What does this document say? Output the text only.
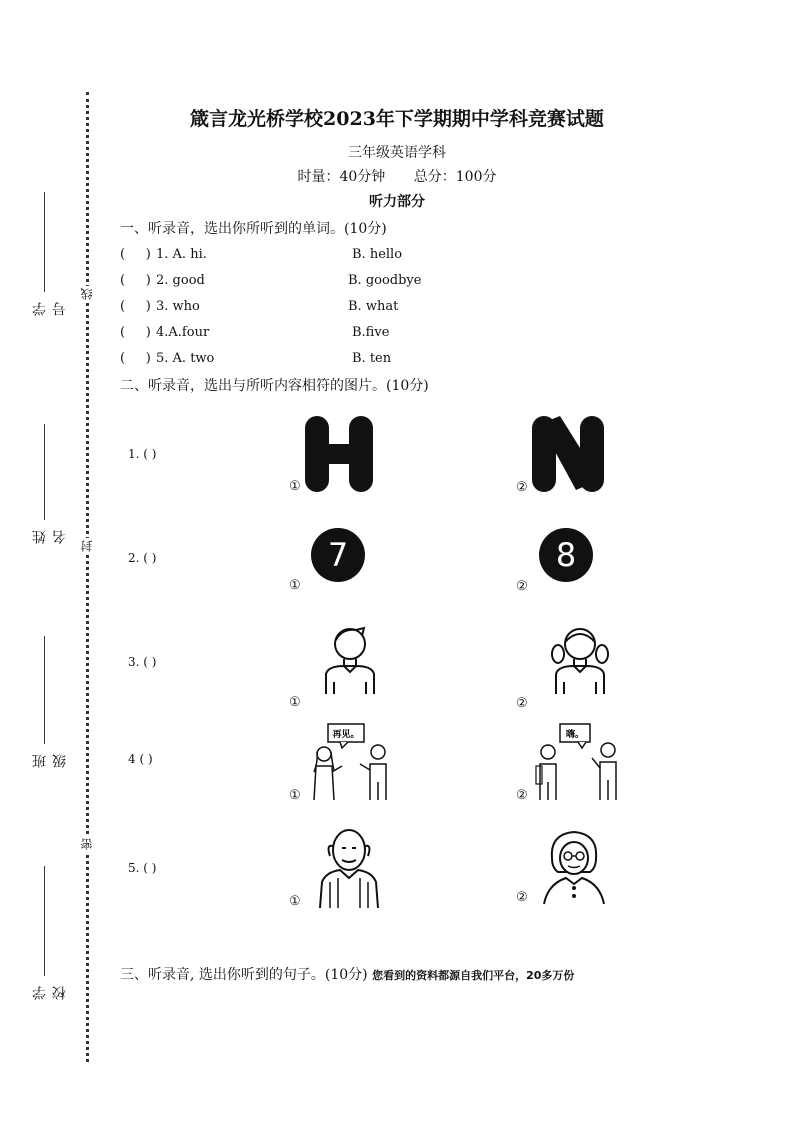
线
封
密
学号
姓名
班级
学校
箴言龙光桥学校2023年下学期期中学科竞赛试题
三年级英语学科
时量：40分钟 总分：100分
听力部分
一、听录音，选出你所听到的单词。(10分)
(     ) 1. A. hi.	B. hello
(     ) 2. good	B. goodbye
(     ) 3. who	B. what
(     ) 4.A.four	B.five
(     ) 5. A. two	B. ten
二、听录音，选出与所听内容相符的图片。(10分)
1. ( )
①	②
2. ( )
①	②
7	8
3. ( )
①	②
4 ( )
①	②
再见。	嗨。
5. ( )
①	②
三、听录音, 选出你听到的句子。(10分) 您看到的资料都源自我们平台，20多万份
